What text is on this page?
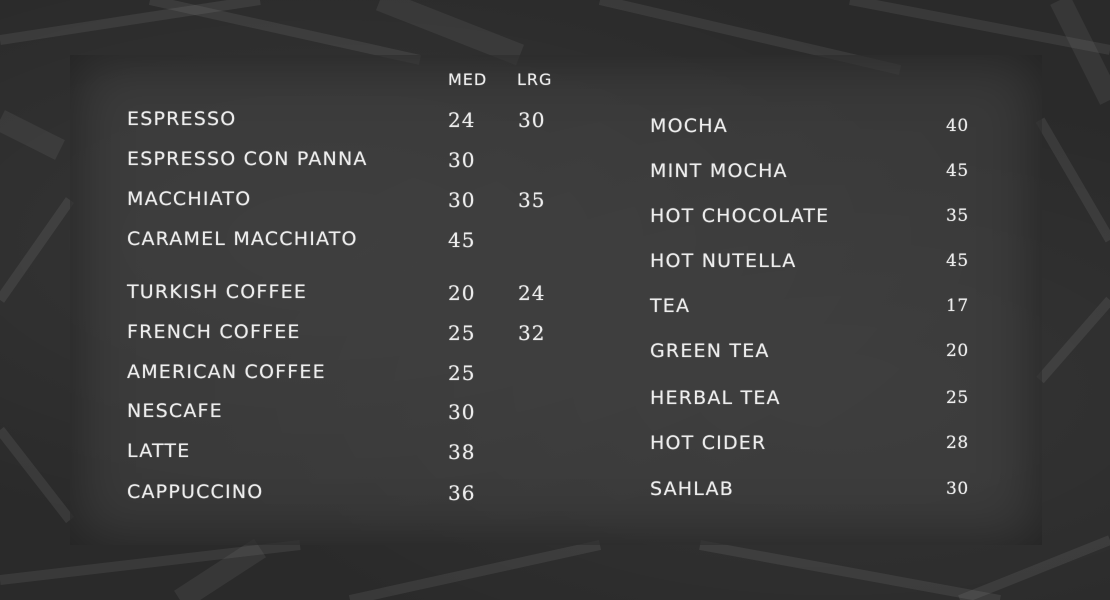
MED LRG
ESPRESSO	24 30
ESPRESSO CON PANNA	30
MACCHIATO	30 35
CARAMEL MACCHIATO	45
TURKISH COFFEE	20 24
FRENCH COFFEE	25 32
AMERICAN COFFEE	25
NESCAFE	30
LATTE	38
CAPPUCCINO	36
MOCHA	40
MINT MOCHA	45
HOT CHOCOLATE	35
HOT NUTELLA	45
TEA	17
GREEN TEA	20
HERBAL TEA	25
HOT CIDER	28
SAHLAB	30
